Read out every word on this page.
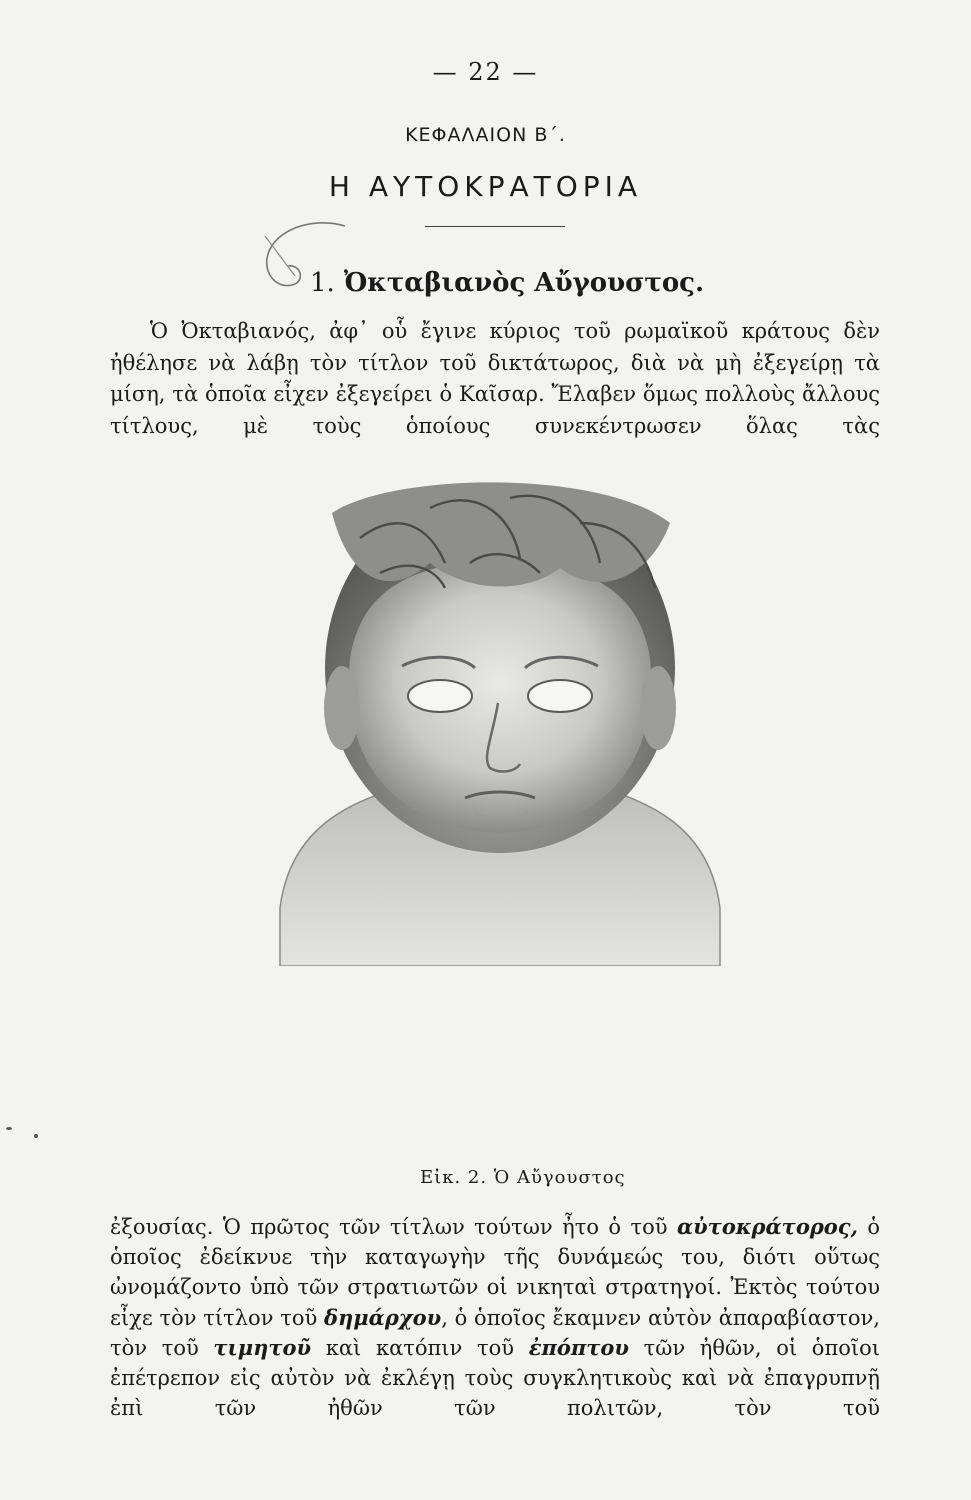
— 22 —
ΚΕΦΑΛΑΙΟΝ Β΄.
Η ΑΥΤΟΚΡΑΤΟΡΙΑ
1. Ὀκταβιανὸς Αὔγουστος.
Ὁ Ὀκταβιανός, ἀφ᾽ οὗ ἔγινε κύριος τοῦ ρωμαϊκοῦ κράτους δὲν ἠθέλησε νὰ λάβῃ τὸν τίτλον τοῦ δικτάτωρος, διὰ νὰ μὴ ἐξεγείρῃ τὰ μίση, τὰ ὁποῖα εἶχεν ἐξεγείρει ὁ Καῖσαρ. Ἔλαβεν ὅμως πολλοὺς ἄλλους τίτλους, μὲ τοὺς ὁποίους συνεκέντρωσεν ὅλας τὰς
Εἰκ. 2. Ὁ Αὔγουστος
ἐξουσίας. Ὁ πρῶτος τῶν τίτλων τούτων ἦτο ὁ τοῦ αὐτοκράτορος, ὁ ὁποῖος ἐδείκνυε τὴν καταγωγὴν τῆς δυνάμεώς του, διότι οὕτως ὠνομάζοντο ὑπὸ τῶν στρατιωτῶν οἱ νικηταὶ στρατηγοί. Ἐκτὸς τούτου εἶχε τὸν τίτλον τοῦ δημάρχου, ὁ ὁποῖος ἔκαμνεν αὐτὸν ἀπαραβίαστον, τὸν τοῦ τιμητοῦ καὶ κατόπιν τοῦ ἐπόπτου τῶν ἠθῶν, οἱ ὁποῖοι ἐπέτρεπον εἰς αὐτὸν νὰ ἐκλέγῃ τοὺς συγκλητικοὺς καὶ νὰ ἐπαγρυπνῇ ἐπὶ τῶν ἠθῶν τῶν πολιτῶν, τὸν τοῦ
